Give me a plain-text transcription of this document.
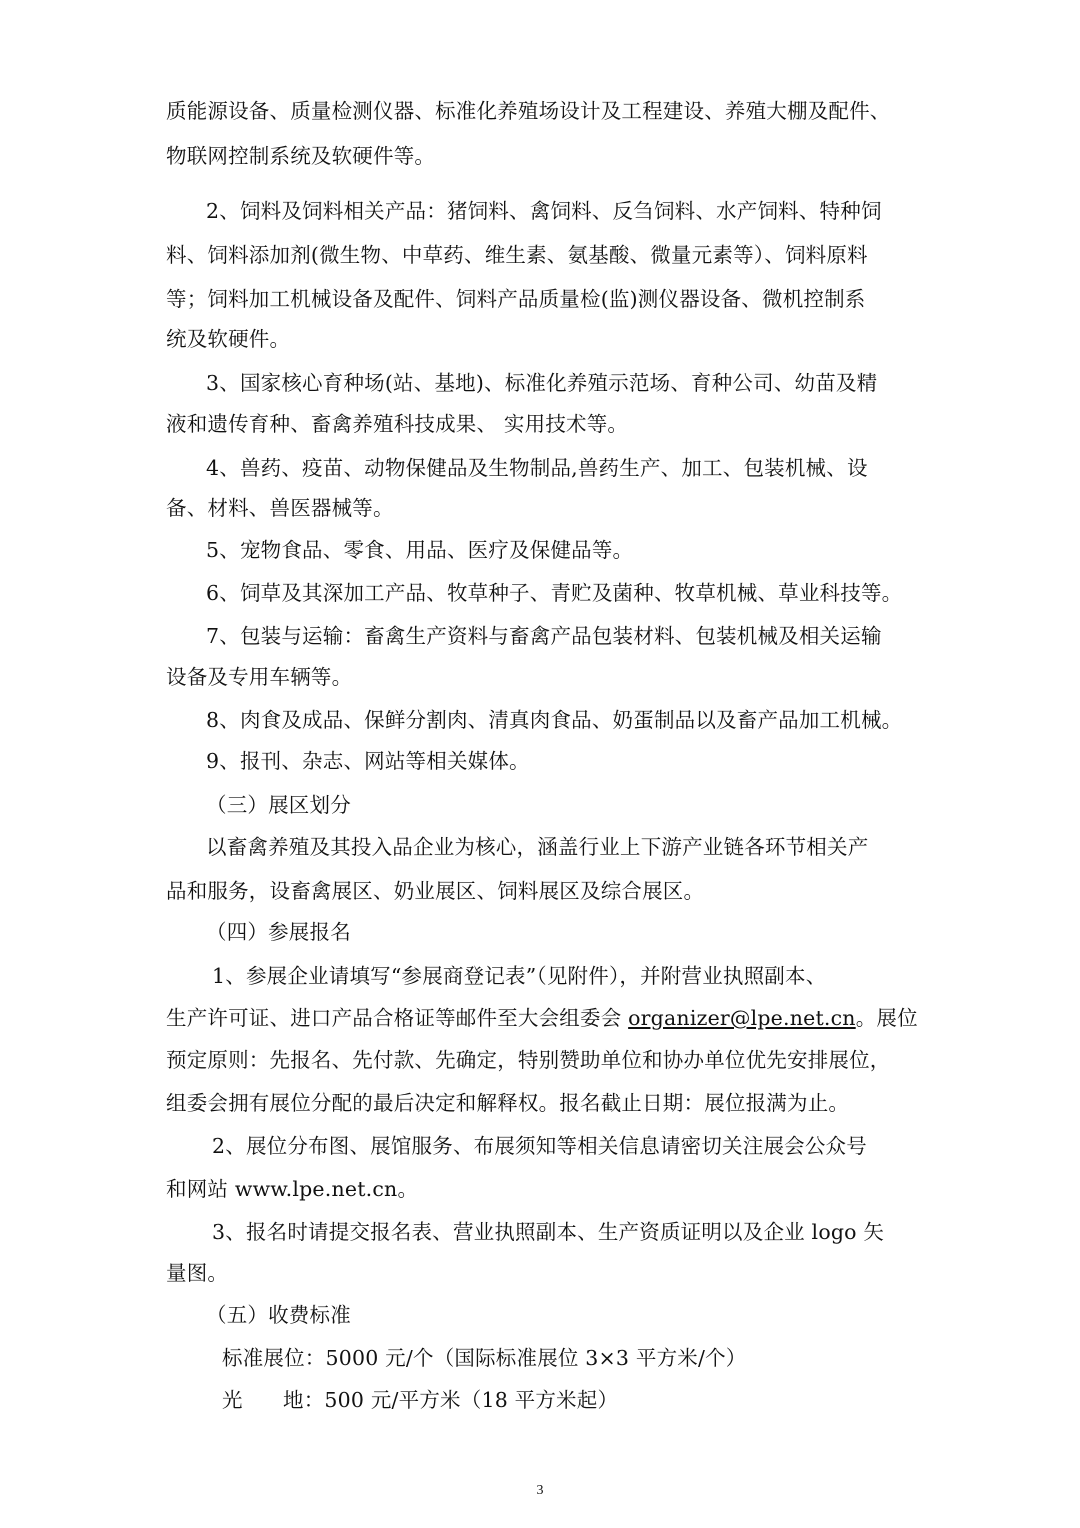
质能源设备、质量检测仪器、标准化养殖场设计及工程建设、养殖大棚及配件、
物联网控制系统及软硬件等。
2、饲料及饲料相关产品：猪饲料、禽饲料、反刍饲料、水产饲料、特种饲
料、饲料添加剂(微生物、中草药、维生素、氨基酸、微量元素等）、饲料原料
等；饲料加工机械设备及配件、饲料产品质量检(监)测仪器设备、微机控制系
统及软硬件。
3、国家核心育种场(站、基地)、标准化养殖示范场、育种公司、幼苗及精
液和遗传育种、畜禽养殖科技成果、 实用技术等。
4、兽药、疫苗、动物保健品及生物制品,兽药生产、加工、包装机械、设
备、材料、兽医器械等。
5、宠物食品、零食、用品、医疗及保健品等。
6、饲草及其深加工产品、牧草种子、青贮及菌种、牧草机械、草业科技等。
7、包装与运输：畜禽生产资料与畜禽产品包装材料、包装机械及相关运输
设备及专用车辆等。
8、肉食及成品、保鲜分割肉、清真肉食品、奶蛋制品以及畜产品加工机械。
9、报刊、杂志、网站等相关媒体。
（三）展区划分
以畜禽养殖及其投入品企业为核心，涵盖行业上下游产业链各环节相关产
品和服务，设畜禽展区、奶业展区、饲料展区及综合展区。
（四）参展报名
1、参展企业请填写“参展商登记表”（见附件），并附营业执照副本、
生产许可证、进口产品合格证等邮件至大会组委会 organizer@lpe.net.cn。展位
预定原则：先报名、先付款、先确定，特别赞助单位和协办单位优先安排展位，
组委会拥有展位分配的最后决定和解释权。报名截止日期：展位报满为止。
2、展位分布图、展馆服务、布展须知等相关信息请密切关注展会公众号
和网站 www.lpe.net.cn。
3、报名时请提交报名表、营业执照副本、生产资质证明以及企业 logo 矢
量图。
（五）收费标准
标准展位：5000 元/个（国际标准展位 3×3 平方米/个）
光      地：500 元/平方米（18 平方米起）
3
